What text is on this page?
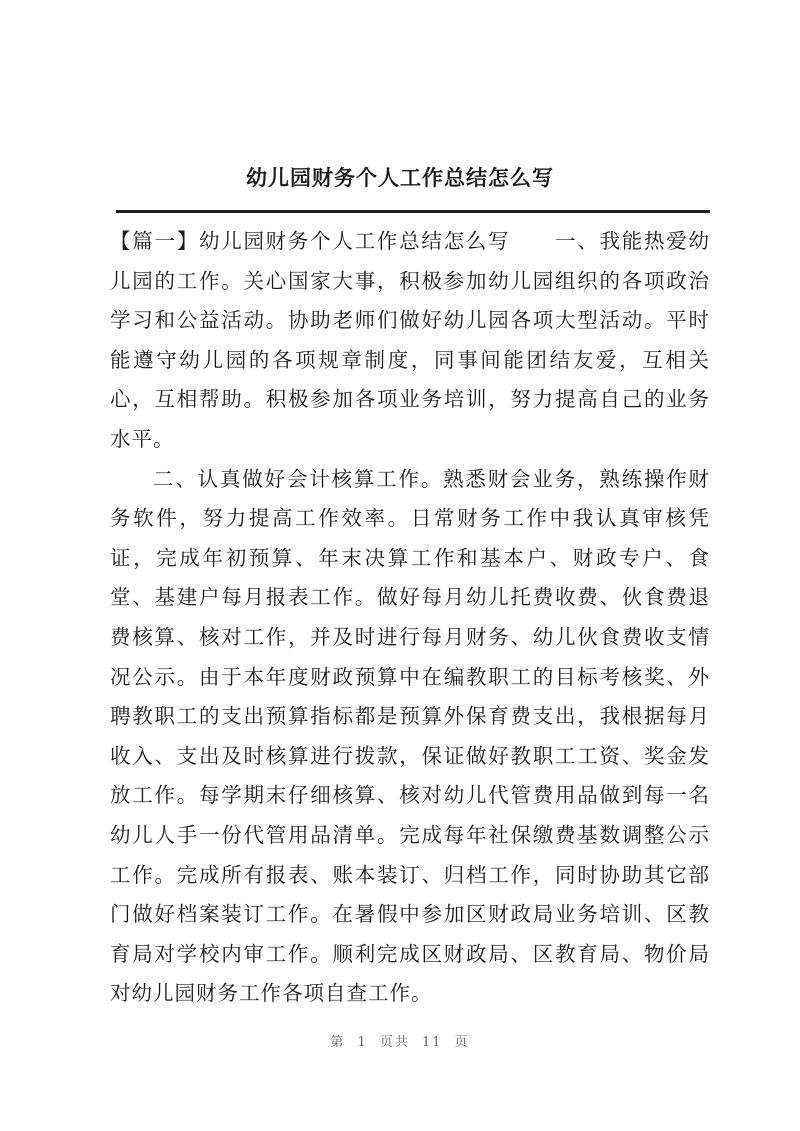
幼儿园财务个人工作总结怎么写

【篇一】幼儿园财务个人工作总结怎么写 一、我能热爱幼儿园的工作。关心国家大事，积极参加幼儿园组织的各项政治学习和公益活动。协助老师们做好幼儿园各项大型活动。平时能遵守幼儿园的各项规章制度，同事间能团结友爱，互相关心，互相帮助。积极参加各项业务培训，努力提高自己的业务水平。

二、认真做好会计核算工作。熟悉财会业务，熟练操作财务软件，努力提高工作效率。日常财务工作中我认真审核凭证，完成年初预算、年末决算工作和基本户、财政专户、食堂、基建户每月报表工作。做好每月幼儿托费收费、伙食费退费核算、核对工作，并及时进行每月财务、幼儿伙食费收支情况公示。由于本年度财政预算中在编教职工的目标考核奖、外聘教职工的支出预算指标都是预算外保育费支出，我根据每月收入、支出及时核算进行拨款，保证做好教职工工资、奖金发放工作。每学期末仔细核算、核对幼儿代管费用品做到每一名幼儿人手一份代管用品清单。完成每年社保缴费基数调整公示工作。完成所有报表、账本装订、归档工作，同时协助其它部门做好档案装订工作。在暑假中参加区财政局业务培训、区教育局对学校内审工作。顺利完成区财政局、区教育局、物价局对幼儿园财务工作各项自查工作。

第 1 页共 11 页
